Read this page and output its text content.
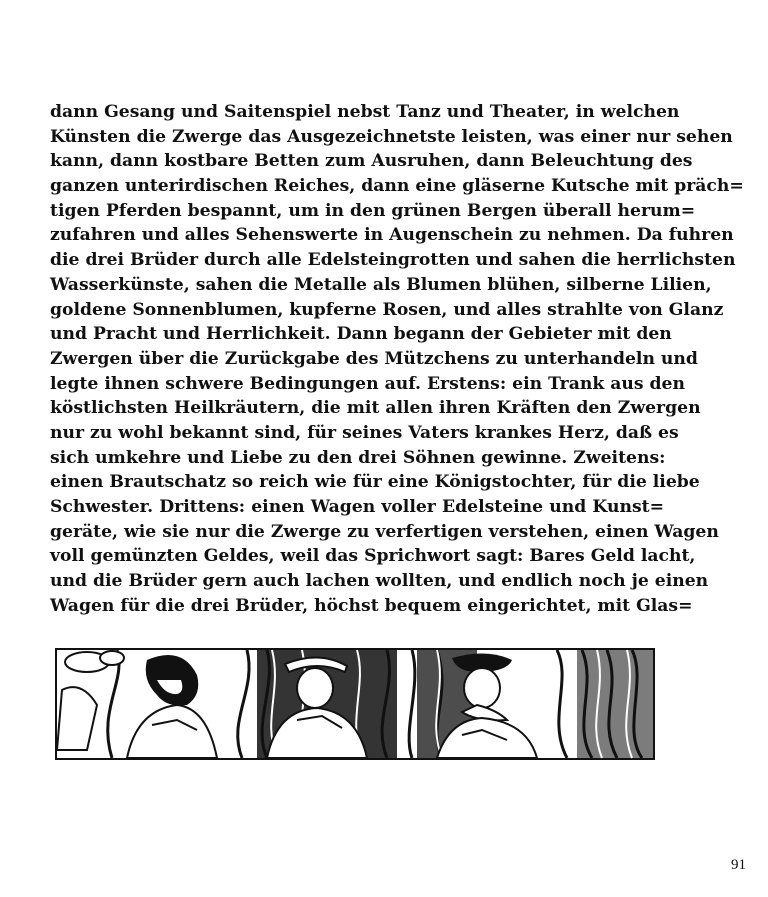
dann Gesang und Saitenspiel nebst Tanz und Theater, in welchen
Künsten die Zwerge das Ausgezeichnetste leisten, was einer nur sehen
kann, dann kostbare Betten zum Ausruhen, dann Beleuchtung des
ganzen unterirdischen Reiches, dann eine gläserne Kutsche mit präch=
tigen Pferden bespannt, um in den grünen Bergen überall herum=
zufahren und alles Sehenswerte in Augenschein zu nehmen. Da fuhren
die drei Brüder durch alle Edelsteingrotten und sahen die herrlichsten
Wasserkünste, sahen die Metalle als Blumen blühen, silberne Lilien,
goldene Sonnenblumen, kupferne Rosen, und alles strahlte von Glanz
und Pracht und Herrlichkeit. Dann begann der Gebieter mit den
Zwergen über die Zurückgabe des Mützchens zu unterhandeln und
legte ihnen schwere Bedingungen auf. Erstens: ein Trank aus den
köstlichsten Heilkräutern, die mit allen ihren Kräften den Zwergen
nur zu wohl bekannt sind, für seines Vaters krankes Herz, daß es
sich umkehre und Liebe zu den drei Söhnen gewinne. Zweitens:
einen Brautschatz so reich wie für eine Königstochter, für die liebe
Schwester. Drittens: einen Wagen voller Edelsteine und Kunst=
geräte, wie sie nur die Zwerge zu verfertigen verstehen, einen Wagen
voll gemünzten Geldes, weil das Sprichwort sagt: Bares Geld lacht,
und die Brüder gern auch lachen wollten, und endlich noch je einen
Wagen für die drei Brüder, höchst bequem eingerichtet, mit Glas=
91
